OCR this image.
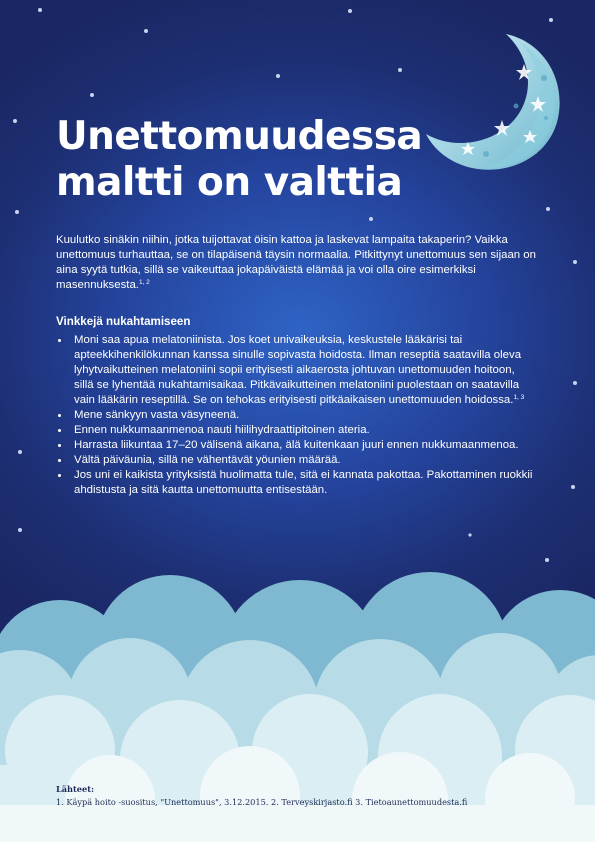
Unettomuudessa
maltti on valttia

Kuulutko sinäkin niihin, jotka tuijottavat öisin kattoa ja laskevat lampaita takaperin? Vaikka unettomuus turhauttaa, se on tilapäisenä täysin normaalia. Pitkittynyt unettomuus sen sijaan on aina syytä tutkia, sillä se vaikeuttaa jokapäiväistä elämää ja voi olla oire esimerkiksi masennuksesta.$^{1, 2}$

Vinkkejä nukahtamiseen
Moni saa apua melatoniinista. Jos koet univaikeuksia, keskustele lääkärisi tai apteekkihenkilökunnan kanssa sinulle sopivasta hoidosta. Ilman reseptiä saatavilla oleva lyhytvaikutteinen melatoniini sopii erityisesti aikaerosta johtuvan unettomuuden hoitoon, sillä se lyhentää nukahtamisaikaa. Pitkävaikutteinen melatoniini puolestaan on saatavilla vain lääkärin reseptillä. Se on tehokas erityisesti pitkäaikaisen unettomuuden hoidossa.$^{1, 3}$
Mene sänkyyn vasta väsyneenä.
Ennen nukkumaanmenoa nauti hiilihydraattipitoinen ateria.
Harrasta liikuntaa 17–20 välisenä aikana, älä kuitenkaan juuri ennen nukkumaanmenoa.
Vältä päiväunia, sillä ne vähentävät yöunien määrää.
Jos uni ei kaikista yrityksistä huolimatta tule, sitä ei kannata pakottaa. Pakottaminen ruokkii ahdistusta ja sitä kautta unettomuutta entisestään.
Lähteet:
1. Käypä hoito -suositus, "Unettomuus", 3.12.2015. 2. Terveyskirjasto.fi 3. Tietoaunettomuudesta.fi
